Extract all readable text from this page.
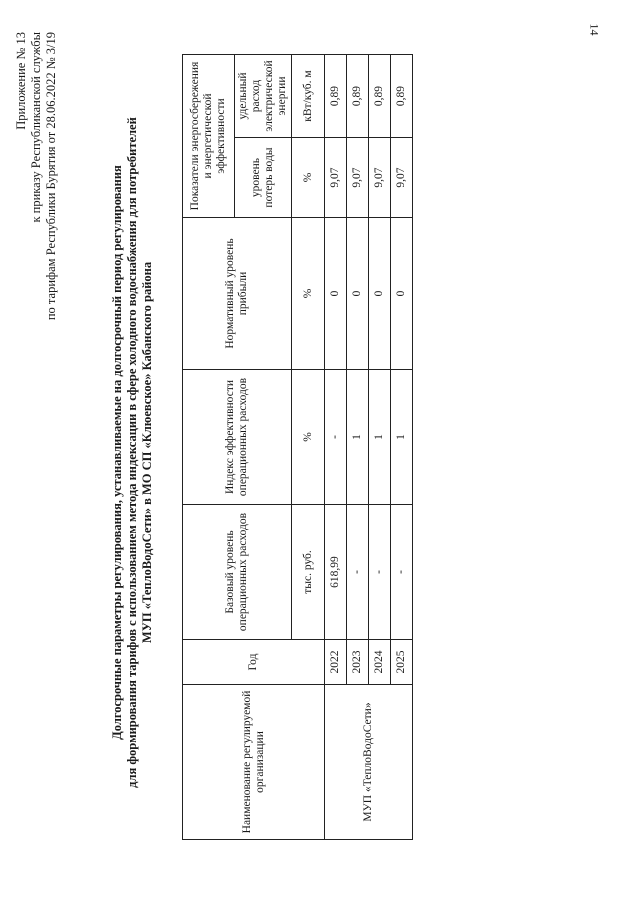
14
Приложение № 13 к приказу Республиканской службы по тарифам Республики Бурятия от 28.06.2022 № 3/19	Долгосрочные параметры регулирования, устанавливаемые на долгосрочный период регулирования для формирования тарифов с использованием метода индексации в сфере холодного водоснабжения для потребителей МУП «ТеплоВодоСети» в МО СП «Клюевское» Кабанского района
Наименование регулируемой организации	Год	Базовый уровень операционных расходов	Индекс эффективности операционных расходов	Нормативный уровень прибыли	Показатели энергосбережения и энергетической эффективности	
					уровень потерь воды	удельный расход электрической энергии
		тыс. руб.	%	%	%	кВт/куб. м
МУП «ТеплоВодоСети»	2022	618,99	-	0	9,07	0,89
	2023	-	1	0	9,07	0,89
	2024	-	1	0	9,07	0,89
	2025	-	1	0	9,07	0,89
